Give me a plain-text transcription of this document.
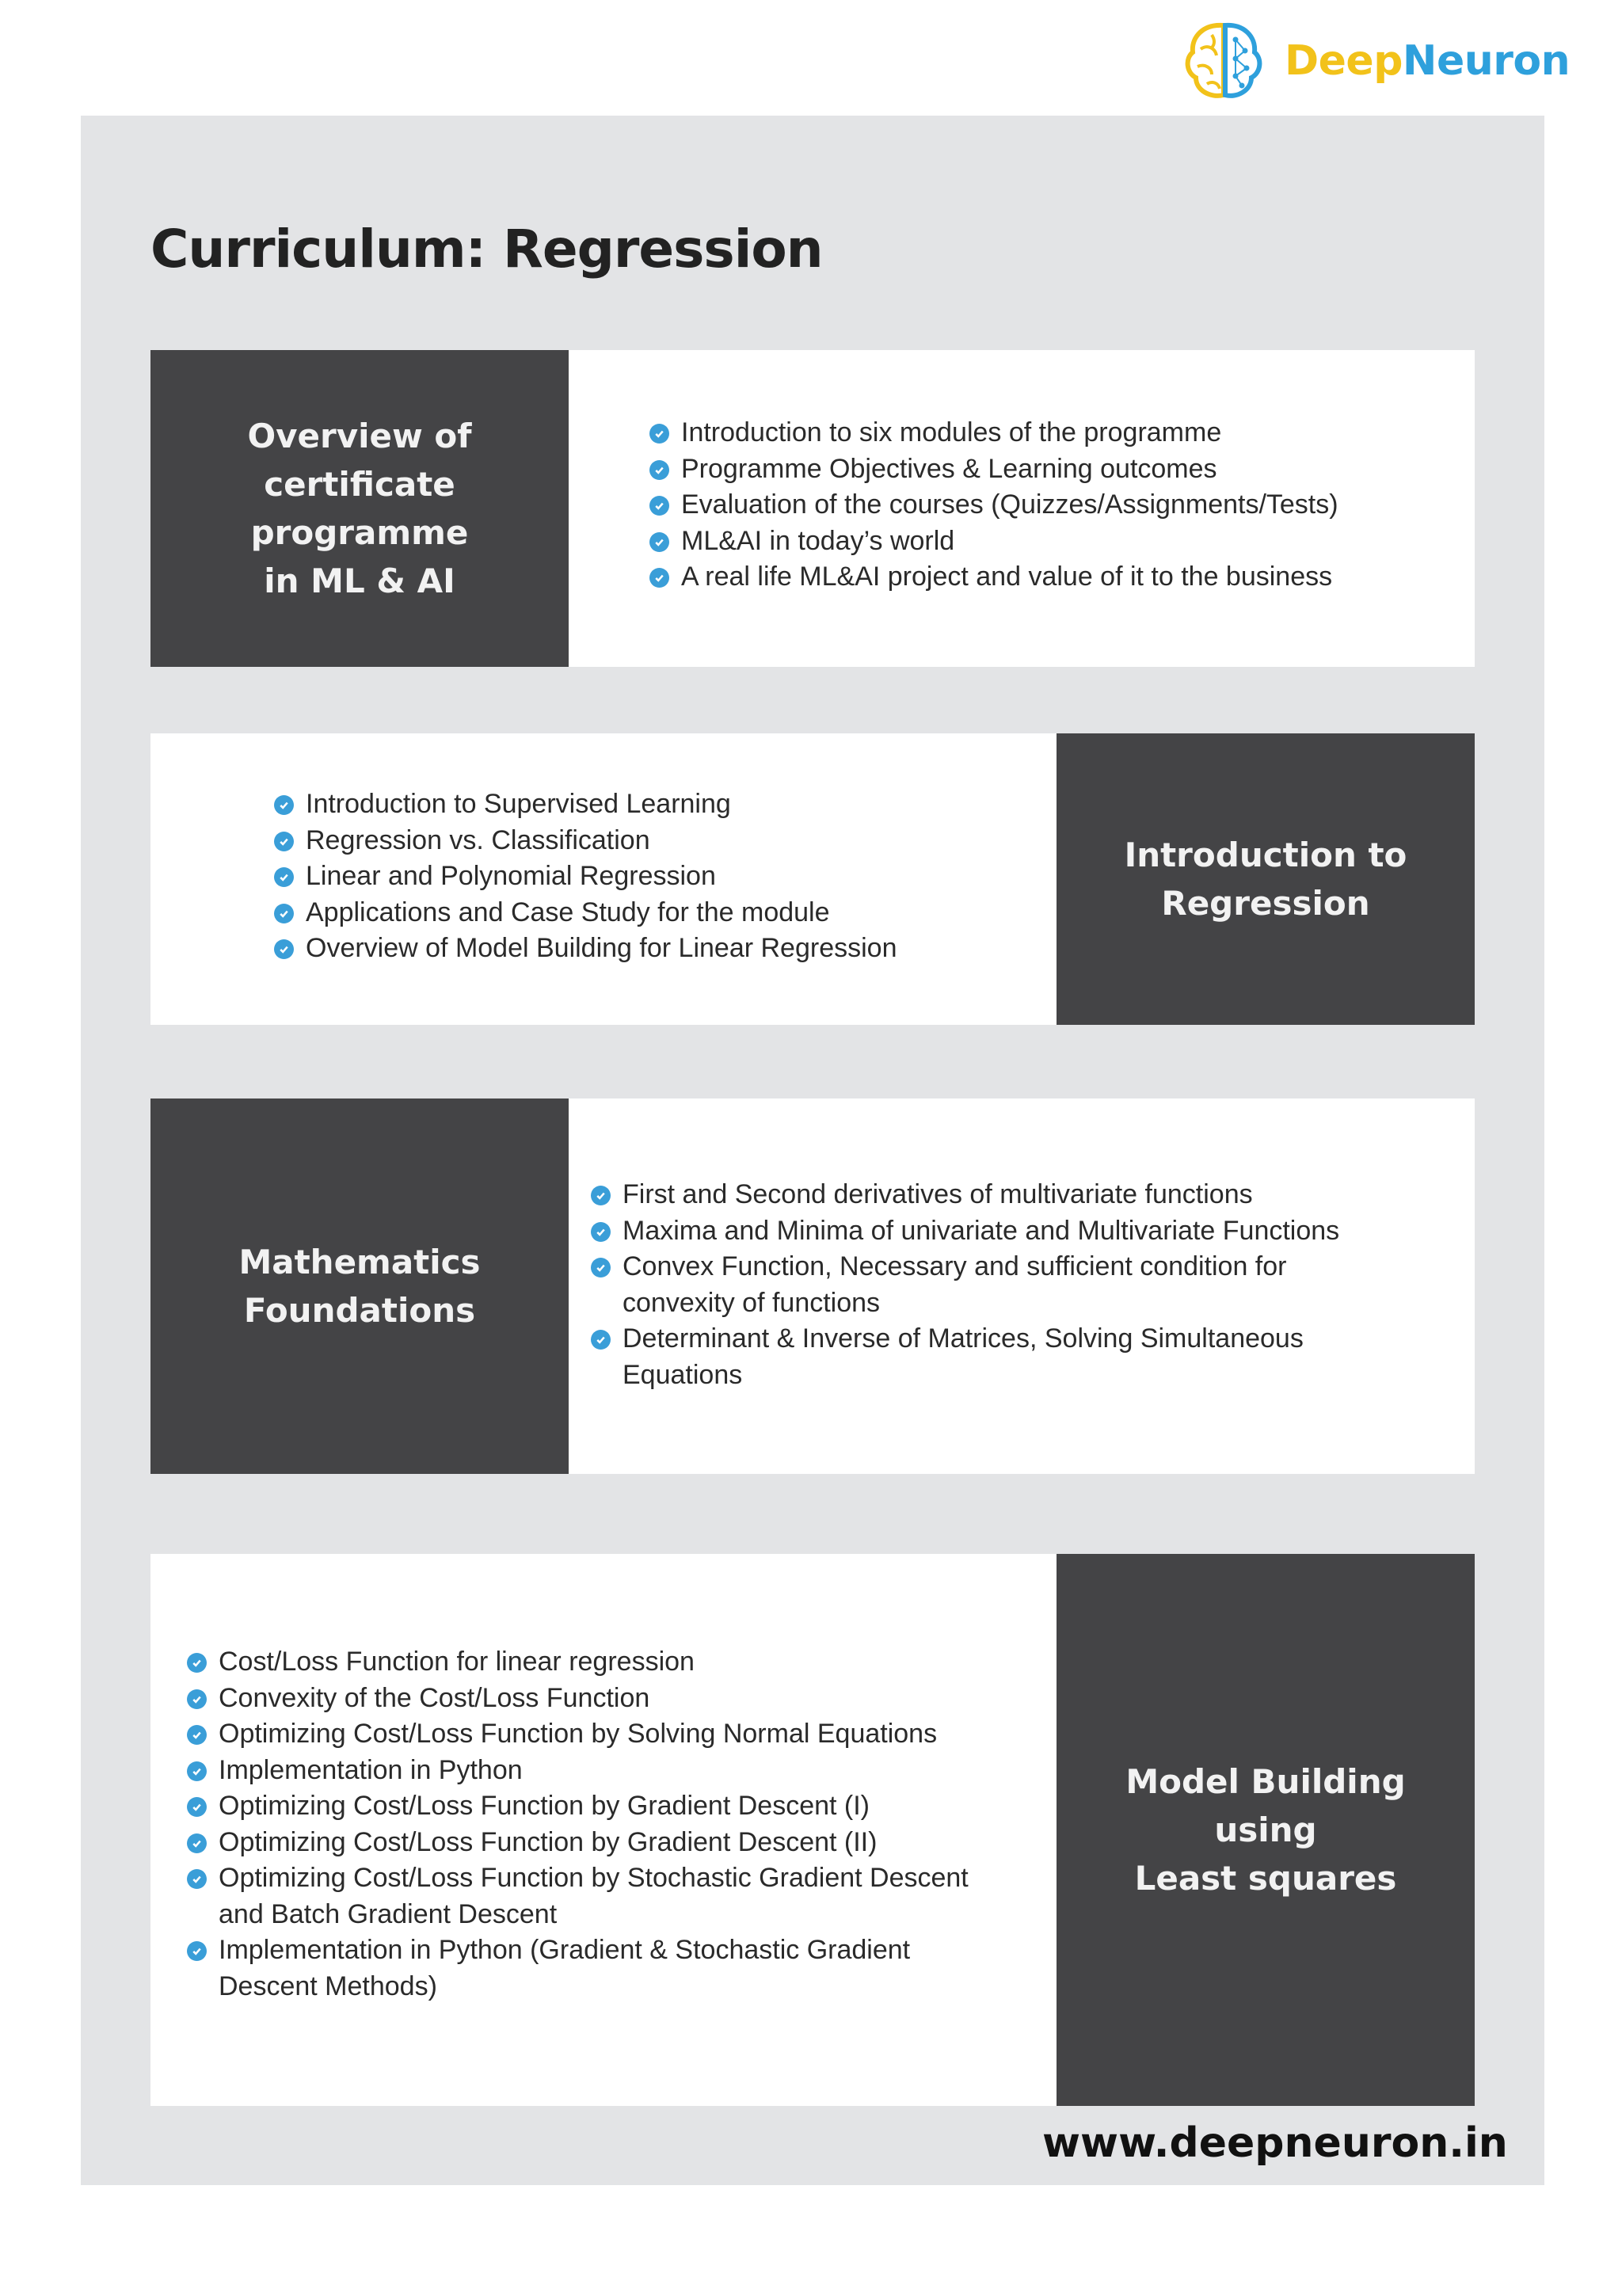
DeepNeuron
Curriculum: Regression
Overview of
certificate
programme
in ML & AI
Introduction to six modules of the programme
Programme Objectives & Learning outcomes
Evaluation of the courses (Quizzes/Assignments/Tests)
ML&AI in today’s world
A real life ML&AI project and value of it to the business
Introduction to Supervised Learning
Regression vs. Classification
Linear and Polynomial Regression
Applications and Case Study for the module
Overview of Model Building for Linear Regression
Introduction to
Regression
Mathematics
Foundations
First and Second derivatives of multivariate functions
Maxima and Minima of univariate and Multivariate Functions
Convex Function, Necessary and sufficient condition for convexity of functions
Determinant & Inverse of Matrices, Solving Simultaneous Equations
Cost/Loss Function for linear regression
Convexity of the Cost/Loss Function
Optimizing Cost/Loss Function by Solving Normal Equations
Implementation in Python
Optimizing Cost/Loss Function by Gradient Descent (I)
Optimizing Cost/Loss Function by Gradient Descent (II)
Optimizing Cost/Loss Function by Stochastic Gradient Descent and Batch Gradient Descent
Implementation in Python (Gradient & Stochastic Gradient Descent Methods)
Model Building
using
Least squares
www.deepneuron.in
